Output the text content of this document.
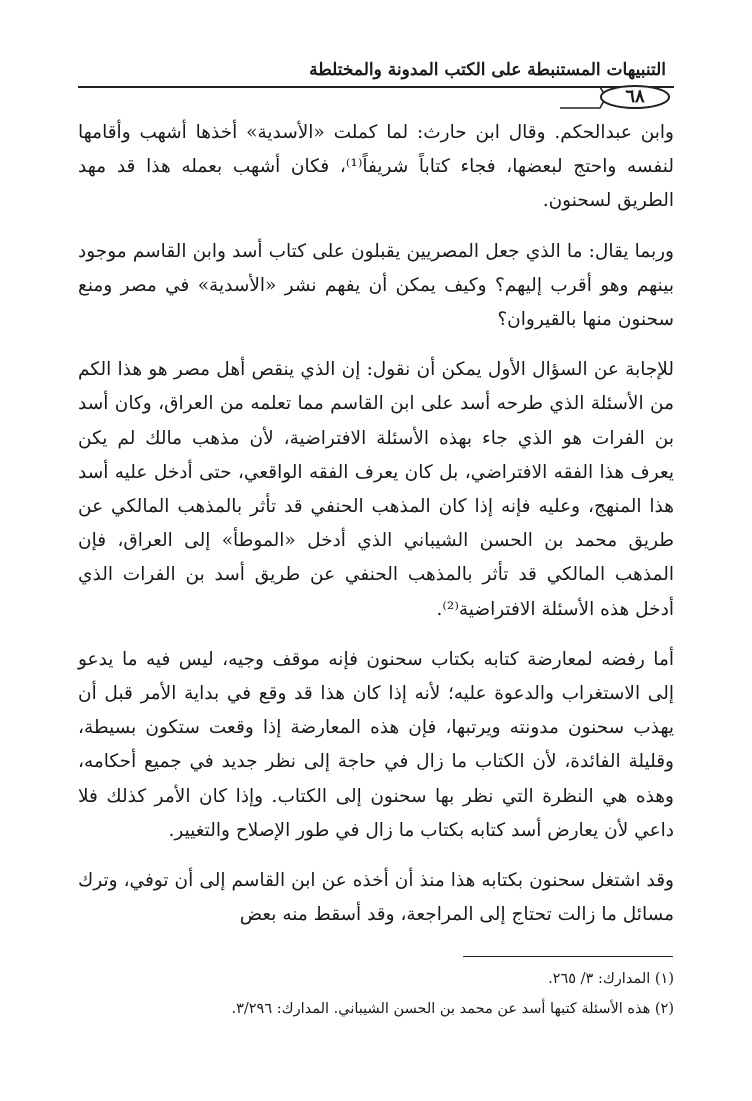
التنبيهات المستنبطة على الكتب المدونة والمختلطة
٦٨

وابن عبدالحكم. وقال ابن حارث: لما كملت «الأسدية» أخذها أشهب وأقامها لنفسه واحتج لبعضها، فجاء كتاباً شريفاً⁽¹⁾، فكان أشهب بعمله هذا قد مهد الطريق لسحنون.

وربما يقال: ما الذي جعل المصريين يقبلون على كتاب أسد وابن القاسم موجود بينهم وهو أقرب إليهم؟ وكيف يمكن أن يفهم نشر «الأسدية» في مصر ومنع سحنون منها بالقيروان؟

للإجابة عن السؤال الأول يمكن أن نقول: إن الذي ينقص أهل مصر هو هذا الكم من الأسئلة الذي طرحه أسد على ابن القاسم مما تعلمه من العراق، وكان أسد بن الفرات هو الذي جاء بهذه الأسئلة الافتراضية، لأن مذهب مالك لم يكن يعرف هذا الفقه الافتراضي، بل كان يعرف الفقه الواقعي، حتى أدخل عليه أسد هذا المنهج، وعليه فإنه إذا كان المذهب الحنفي قد تأثر بالمذهب المالكي عن طريق محمد بن الحسن الشيباني الذي أدخل «الموطأ» إلى العراق، فإن المذهب المالكي قد تأثر بالمذهب الحنفي عن طريق أسد بن الفرات الذي أدخل هذه الأسئلة الافتراضية⁽²⁾.

أما رفضه لمعارضة كتابه بكتاب سحنون فإنه موقف وجيه، ليس فيه ما يدعو إلى الاستغراب والدعوة عليه؛ لأنه إذا كان هذا قد وقع في بداية الأمر قبل أن يهذب سحنون مدونته ويرتبها، فإن هذه المعارضة إذا وقعت ستكون بسيطة، وقليلة الفائدة، لأن الكتاب ما زال في حاجة إلى نظر جديد في جميع أحكامه، وهذه هي النظرة التي نظر بها سحنون إلى الكتاب. وإذا كان الأمر كذلك فلا داعي لأن يعارض أسد كتابه بكتاب ما زال في طور الإصلاح والتغيير.

وقد اشتغل سحنون بكتابه هذا منذ أن أخذه عن ابن القاسم إلى أن توفي، وترك مسائل ما زالت تحتاج إلى المراجعة، وقد أسقط منه بعض

(١) المدارك: ٣/ ٢٦٥.

(٢) هذه الأسئلة كتبها أسد عن محمد بن الحسن الشيباني. المدارك: ٣/٢٩٦.
